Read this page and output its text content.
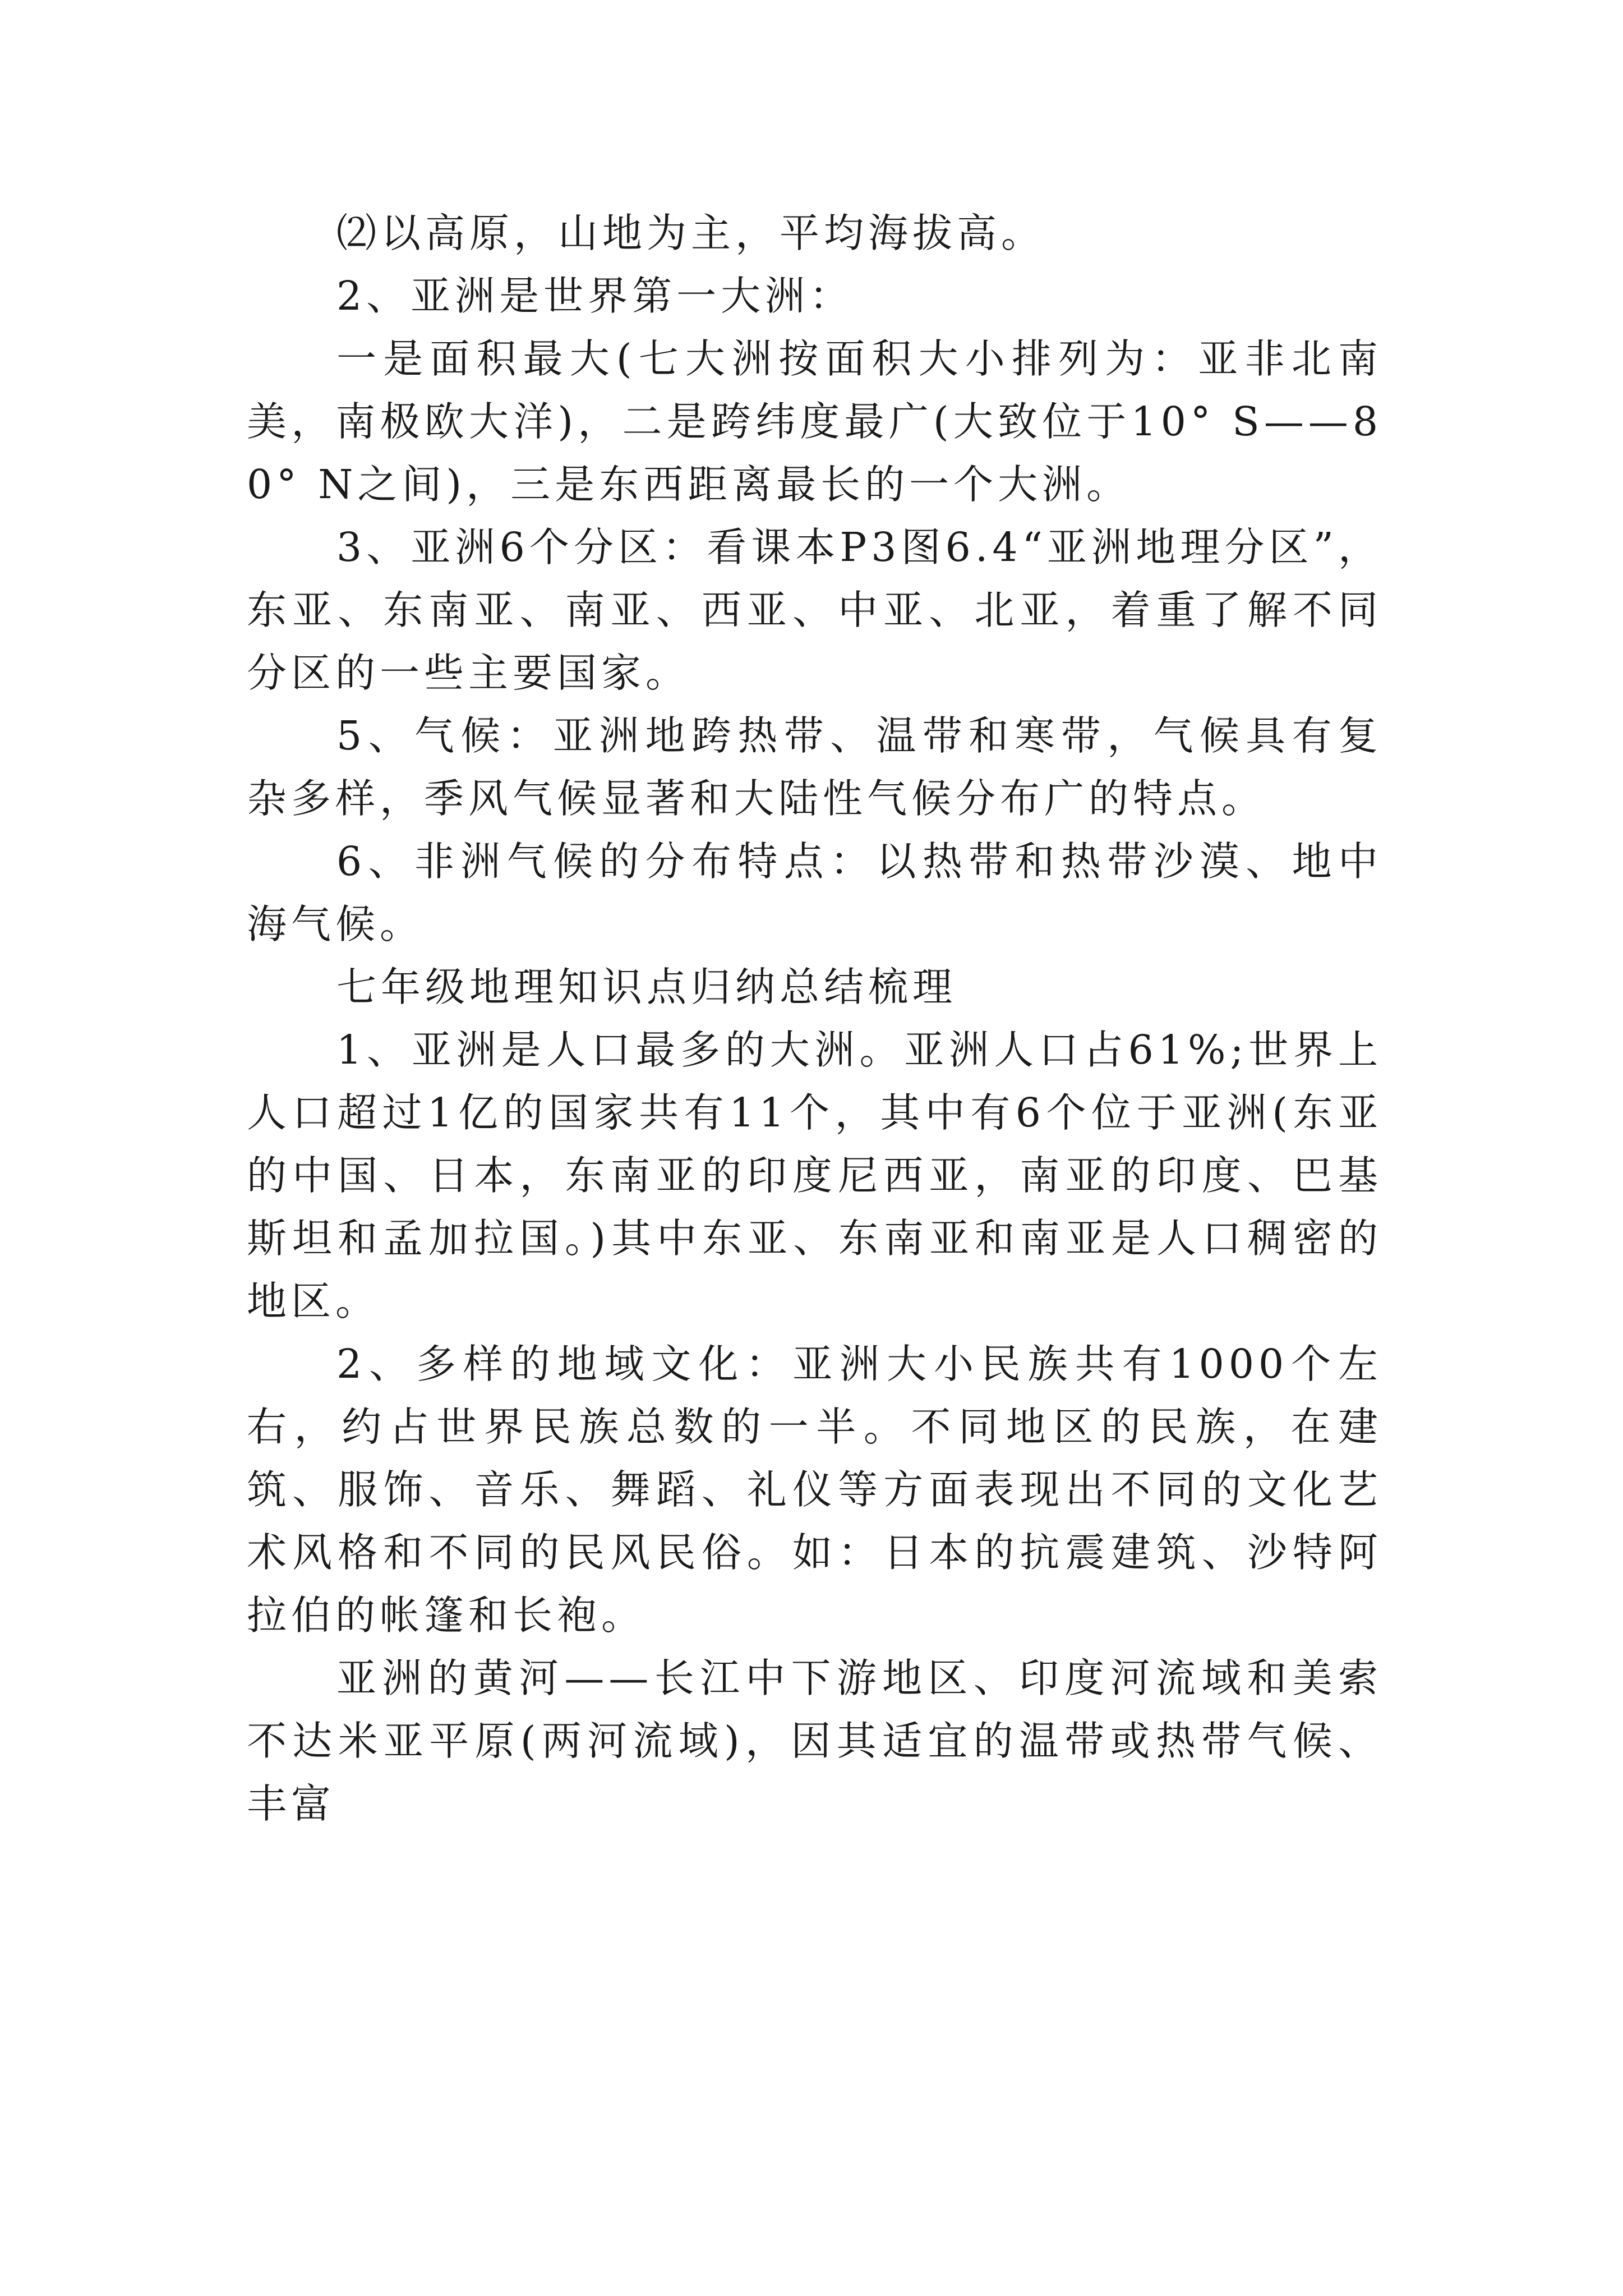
⑵以高原，山地为主，平均海拔高。

2、亚洲是世界第一大洲：

一是面积最大(七大洲按面积大小排列为：亚非北南美，南极欧大洋)，二是跨纬度最广(大致位于10° S——80° N之间)，三是东西距离最长的一个大洲。

3、亚洲6个分区：看课本P3图6.4“亚洲地理分区”，东亚、东南亚、南亚、西亚、中亚、北亚，着重了解不同分区的一些主要国家。

5、气候：亚洲地跨热带、温带和寒带，气候具有复杂多样，季风气候显著和大陆性气候分布广的特点。

6、非洲气候的分布特点：以热带和热带沙漠、地中海气候。

七年级地理知识点归纳总结梳理

1、亚洲是人口最多的大洲。亚洲人口占61%;世界上人口超过1亿的国家共有11个，其中有6个位于亚洲(东亚的中国、日本，东南亚的印度尼西亚，南亚的印度、巴基斯坦和孟加拉国。)其中东亚、东南亚和南亚是人口稠密的地区。

2、多样的地域文化：亚洲大小民族共有1000个左右，约占世界民族总数的一半。不同地区的民族，在建筑、服饰、音乐、舞蹈、礼仪等方面表现出不同的文化艺术风格和不同的民风民俗。如：日本的抗震建筑、沙特阿拉伯的帐篷和长袍。

亚洲的黄河——长江中下游地区、印度河流域和美索不达米亚平原(两河流域)，因其适宜的温带或热带气候、丰富
